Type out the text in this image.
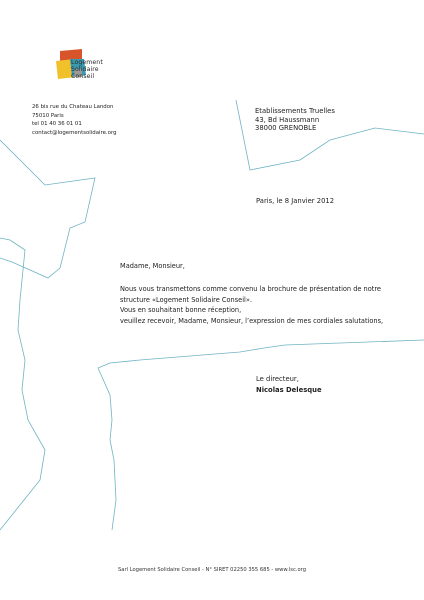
Logement
Solidaire
Conseil
26 bis rue du Chateau Landon
75010 Paris
tel 01 40 36 01 01
contact@logementsolidaire.org
Etablissements Truelles
43, Bd Haussmann
38000 GRENOBLE
Paris, le 8 Janvier 2012
Madame, Monsieur,
Nous vous transmettons comme convenu la brochure de présentation de notre
structure «Logement Solidaire Conseil».
Vous en souhaitant bonne réception,
veuillez recevoir, Madame, Monsieur, l’expression de mes cordiales salutations,
Le directeur,
Nicolas Delesque
Sarl Logement Solidaire Conseil - N° SIRET 02250 355 685 - www.lsc.org
